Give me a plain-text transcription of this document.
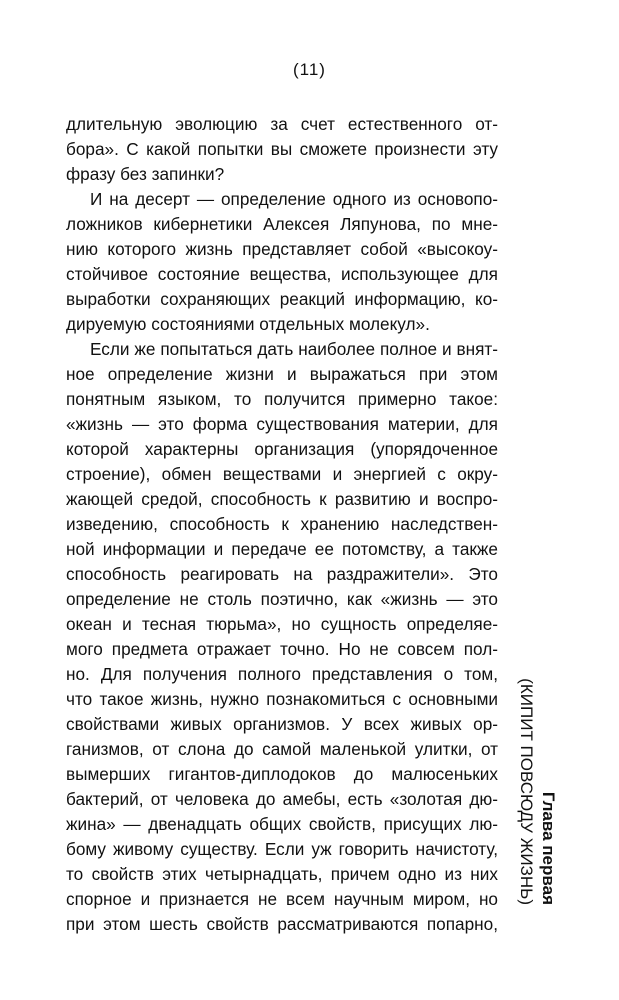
(11)

длительную эволюцию за счет естественного от-
бора». С какой попытки вы сможете произнести эту
фразу без запинки?

И на десерт — определение одного из основопо-
ложников кибернетики Алексея Ляпунова, по мне-
нию которого жизнь представляет собой «высокоу-
стойчивое состояние вещества, использующее для
выработки сохраняющих реакций информацию, ко-
дируемую состояниями отдельных молекул».

Если же попытаться дать наиболее полное и внят-
ное определение жизни и выражаться при этом
понятным языком, то получится примерно такое:
«жизнь — это форма существования материи, для
которой характерны организация (упорядоченное
строение), обмен веществами и энергией с окру-
жающей средой, способность к развитию и воспро-
изведению, способность к хранению наследствен-
ной информации и передаче ее потомству, а также
способность реагировать на раздражители». Это
определение не столь поэтично, как «жизнь — это
океан и тесная тюрьма», но сущность определяе-
мого предмета отражает точно. Но не совсем пол-
но. Для получения полного представления о том,
что такое жизнь, нужно познакомиться с основными
свойствами живых организмов. У всех живых ор-
ганизмов, от слона до самой маленькой улитки, от
вымерших гигантов-диплодоков до малюсеньких
бактерий, от человека до амебы, есть «золотая дю-
жина» — двенадцать общих свойств, присущих лю-
бому живому существу. Если уж говорить начистоту,
то свойств этих четырнадцать, причем одно из них
спорное и признается не всем научным миром, но
при этом шесть свойств рассматриваются попарно,

Глава первая
(КИПИТ ПОВСЮДУ ЖИЗНЬ)
